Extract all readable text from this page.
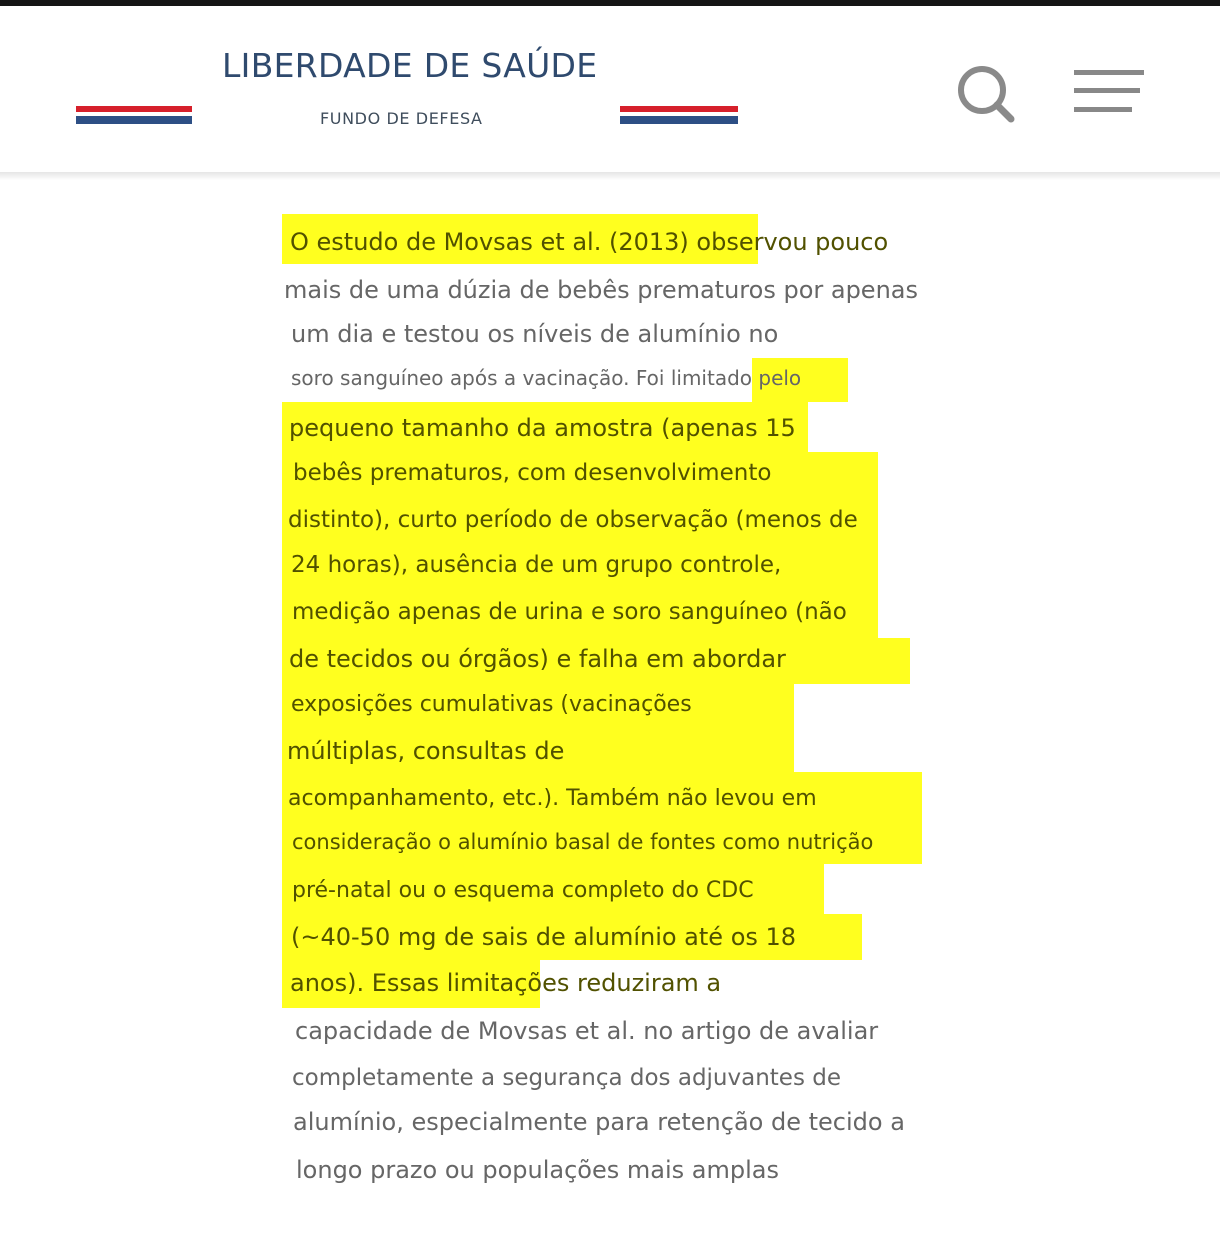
LIBERDADE DE SAÚDE
FUNDO DE DEFESA
O estudo de Movsas et al. (2013) observou pouco
mais de uma dúzia de bebês prematuros por apenas
um dia e testou os níveis de alumínio no
soro sanguíneo após a vacinação. Foi limitado pelo
pequeno tamanho da amostra (apenas 15
bebês prematuros, com desenvolvimento
distinto), curto período de observação (menos de
24 horas), ausência de um grupo controle,
medição apenas de urina e soro sanguíneo (não
de tecidos ou órgãos) e falha em abordar
exposições cumulativas (vacinações
múltiplas, consultas de
acompanhamento, etc.). Também não levou em
consideração o alumínio basal de fontes como nutrição
pré-natal ou o esquema completo do CDC
(~40-50 mg de sais de alumínio até os 18
anos). Essas limitações reduziram a
capacidade de Movsas et al. no artigo de avaliar
completamente a segurança dos adjuvantes de
alumínio, especialmente para retenção de tecido a
longo prazo ou populações mais amplas
